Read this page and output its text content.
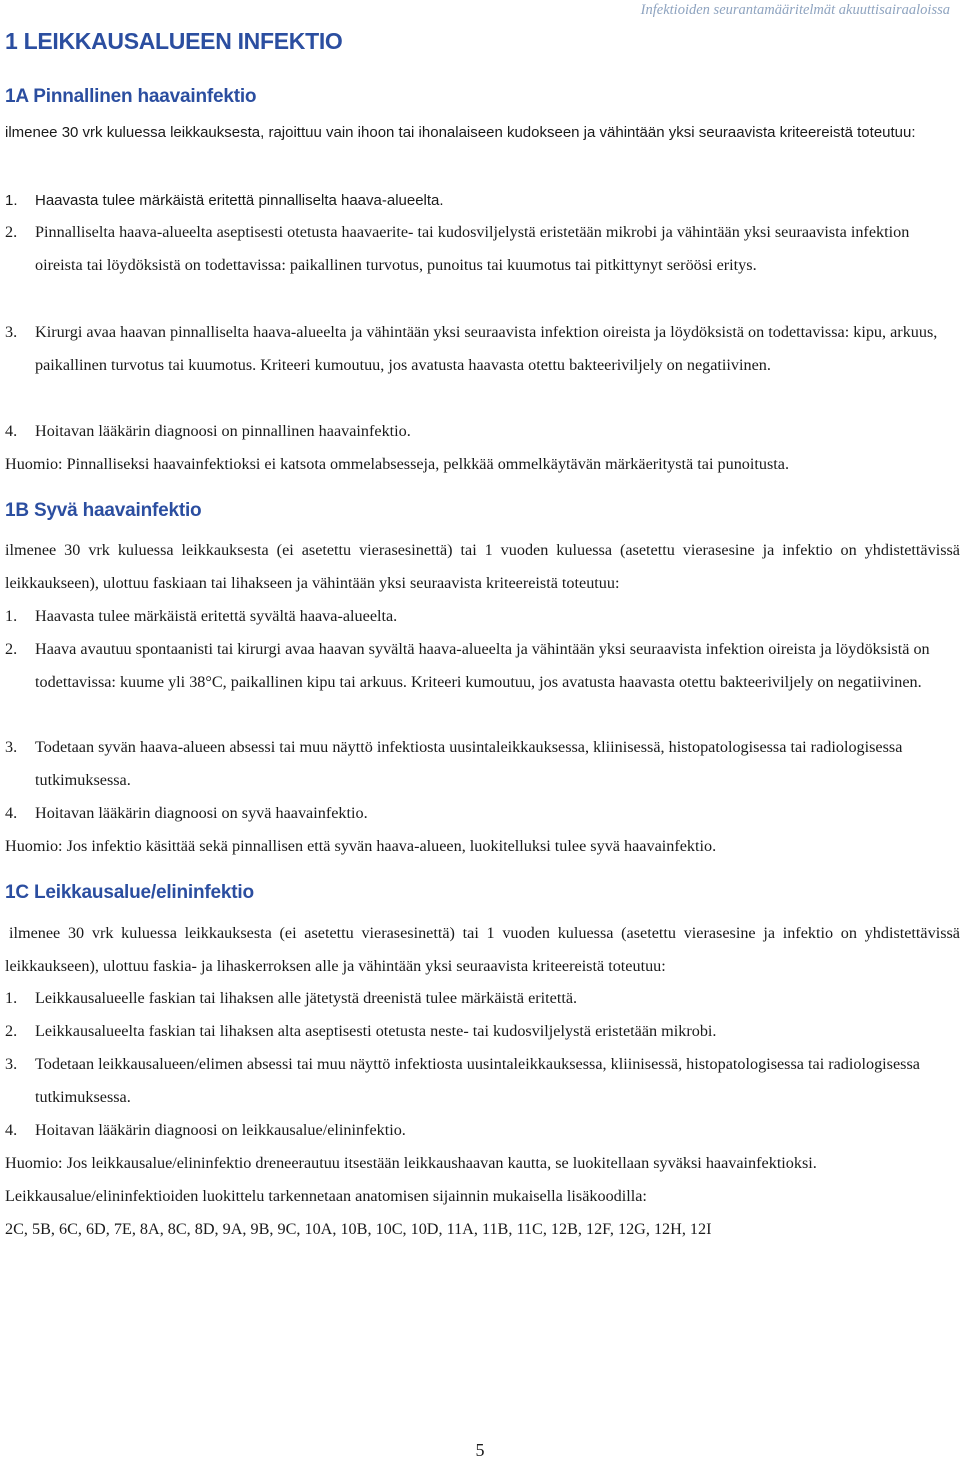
Infektioiden seurantamääritelmät akuuttisairaaloissa
1 LEIKKAUSALUEEN INFEKTIO
1A Pinnallinen haavainfektio

ilmenee 30 vrk kuluessa leikkauksesta, rajoittuu vain ihoon tai ihonalaiseen kudokseen ja vähintään yksi seuraavista kriteereistä toteutuu:

1. Haavasta tulee märkäistä eritettä pinnalliselta haava-alueelta.
2. Pinnalliselta haava-alueelta aseptisesti otetusta haavaerite- tai kudosviljelystä eristetään mikrobi ja vähintään yksi seuraavista infektion oireista tai löydöksistä on todettavissa: paikallinen turvotus, punoitus tai kuumotus tai pitkittynyt seröösi eritys.
3. Kirurgi avaa haavan pinnalliselta haava-alueelta ja vähintään yksi seuraavista infektion oireista ja löydöksistä on todettavissa: kipu, arkuus, paikallinen turvotus tai kuumotus. Kriteeri kumoutuu, jos avatusta haavasta otettu bakteeriviljely on negatiivinen.
4. Hoitavan lääkärin diagnoosi on pinnallinen haavainfektio.

Huomio: Pinnalliseksi haavainfektioksi ei katsota ommelabsesseja, pelkkää ommelkäytävän märkäeritystä tai punoitusta.

1B Syvä haavainfektio

ilmenee 30 vrk kuluessa leikkauksesta (ei asetettu vierasesinettä) tai 1 vuoden kuluessa (asetettu vierasesine ja infektio on yhdistettävissä leikkaukseen), ulottuu faskiaan tai lihakseen ja vähintään yksi seuraavista kriteereistä toteutuu:

1. Haavasta tulee märkäistä eritettä syvältä haava-alueelta.
2. Haava avautuu spontaanisti tai kirurgi avaa haavan syvältä haava-alueelta ja vähintään yksi seuraavista infektion oireista ja löydöksistä on todettavissa: kuume yli 38°C, paikallinen kipu tai arkuus. Kriteeri kumoutuu, jos avatusta haavasta otettu bakteeriviljely on negatiivinen.
3. Todetaan syvän haava-alueen absessi tai muu näyttö infektiosta uusintaleikkauksessa, kliinisessä, histopatologisessa tai radiologisessa tutkimuksessa.
4. Hoitavan lääkärin diagnoosi on syvä haavainfektio.

Huomio: Jos infektio käsittää sekä pinnallisen että syvän haava-alueen, luokitelluksi tulee syvä haavainfektio.

1C Leikkausalue/elininfektio

ilmenee 30 vrk kuluessa leikkauksesta (ei asetettu vierasesinettä) tai 1 vuoden kuluessa (asetettu vierasesine ja infektio on yhdistettävissä leikkaukseen), ulottuu faskia- ja lihaskerroksen alle ja vähintään yksi seuraavista kriteereistä toteutuu:

1. Leikkausalueelle faskian tai lihaksen alle jätetystä dreenistä tulee märkäistä eritettä.
2. Leikkausalueelta faskian tai lihaksen alta aseptisesti otetusta neste- tai kudosviljelystä eristetään mikrobi.
3. Todetaan leikkausalueen/elimen absessi tai muu näyttö infektiosta uusintaleikkauksessa, kliinisessä, histopatologisessa tai radiologisessa tutkimuksessa.
4. Hoitavan lääkärin diagnoosi on leikkausalue/elininfektio.

Huomio: Jos leikkausalue/elininfektio dreneerautuu itsestään leikkaushaavan kautta, se luokitellaan syväksi haavainfektioksi.

Leikkausalue/elininfektioiden luokittelu tarkennetaan anatomisen sijainnin mukaisella lisäkoodilla:

2C, 5B, 6C, 6D, 7E, 8A, 8C, 8D, 9A, 9B, 9C, 10A, 10B, 10C, 10D, 11A, 11B, 11C, 12B, 12F, 12G, 12H, 12I

5
